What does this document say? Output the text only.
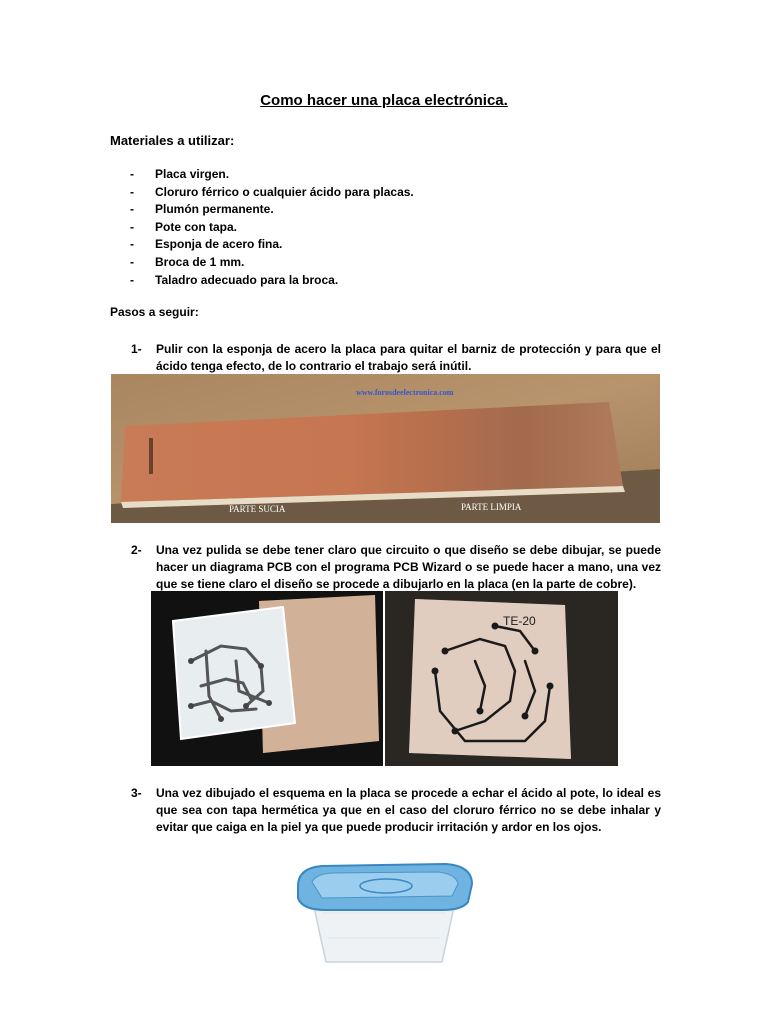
Como hacer una placa electrónica.
Materiales a utilizar:
- Placa virgen.
- Cloruro férrico o cualquier ácido para placas.
- Plumón permanente.
- Pote con tapa.
- Esponja de acero fina.
- Broca de 1 mm.
- Taladro adecuado para la broca.
Pasos a seguir:
1- Pulir con la esponja de acero la placa para quitar el barniz de protección y para que el ácido tenga efecto, de lo contrario el trabajo será inútil.
www.forosdeelectronica.com
PARTE SUCIA	PARTE LIMPIA
2- Una vez pulida se debe tener claro que circuito o que diseño se debe dibujar, se puede hacer un diagrama PCB con el programa PCB Wizard o se puede hacer a mano, una vez que se tiene claro el diseño se procede a dibujarlo en la placa (en la parte de cobre).
TE-20
3- Una vez dibujado el esquema en la placa se procede a echar el ácido al pote, lo ideal es que sea con tapa hermética ya que en el caso del cloruro férrico no se debe inhalar y evitar que caiga en la piel ya que puede producir irritación y ardor en los ojos.
